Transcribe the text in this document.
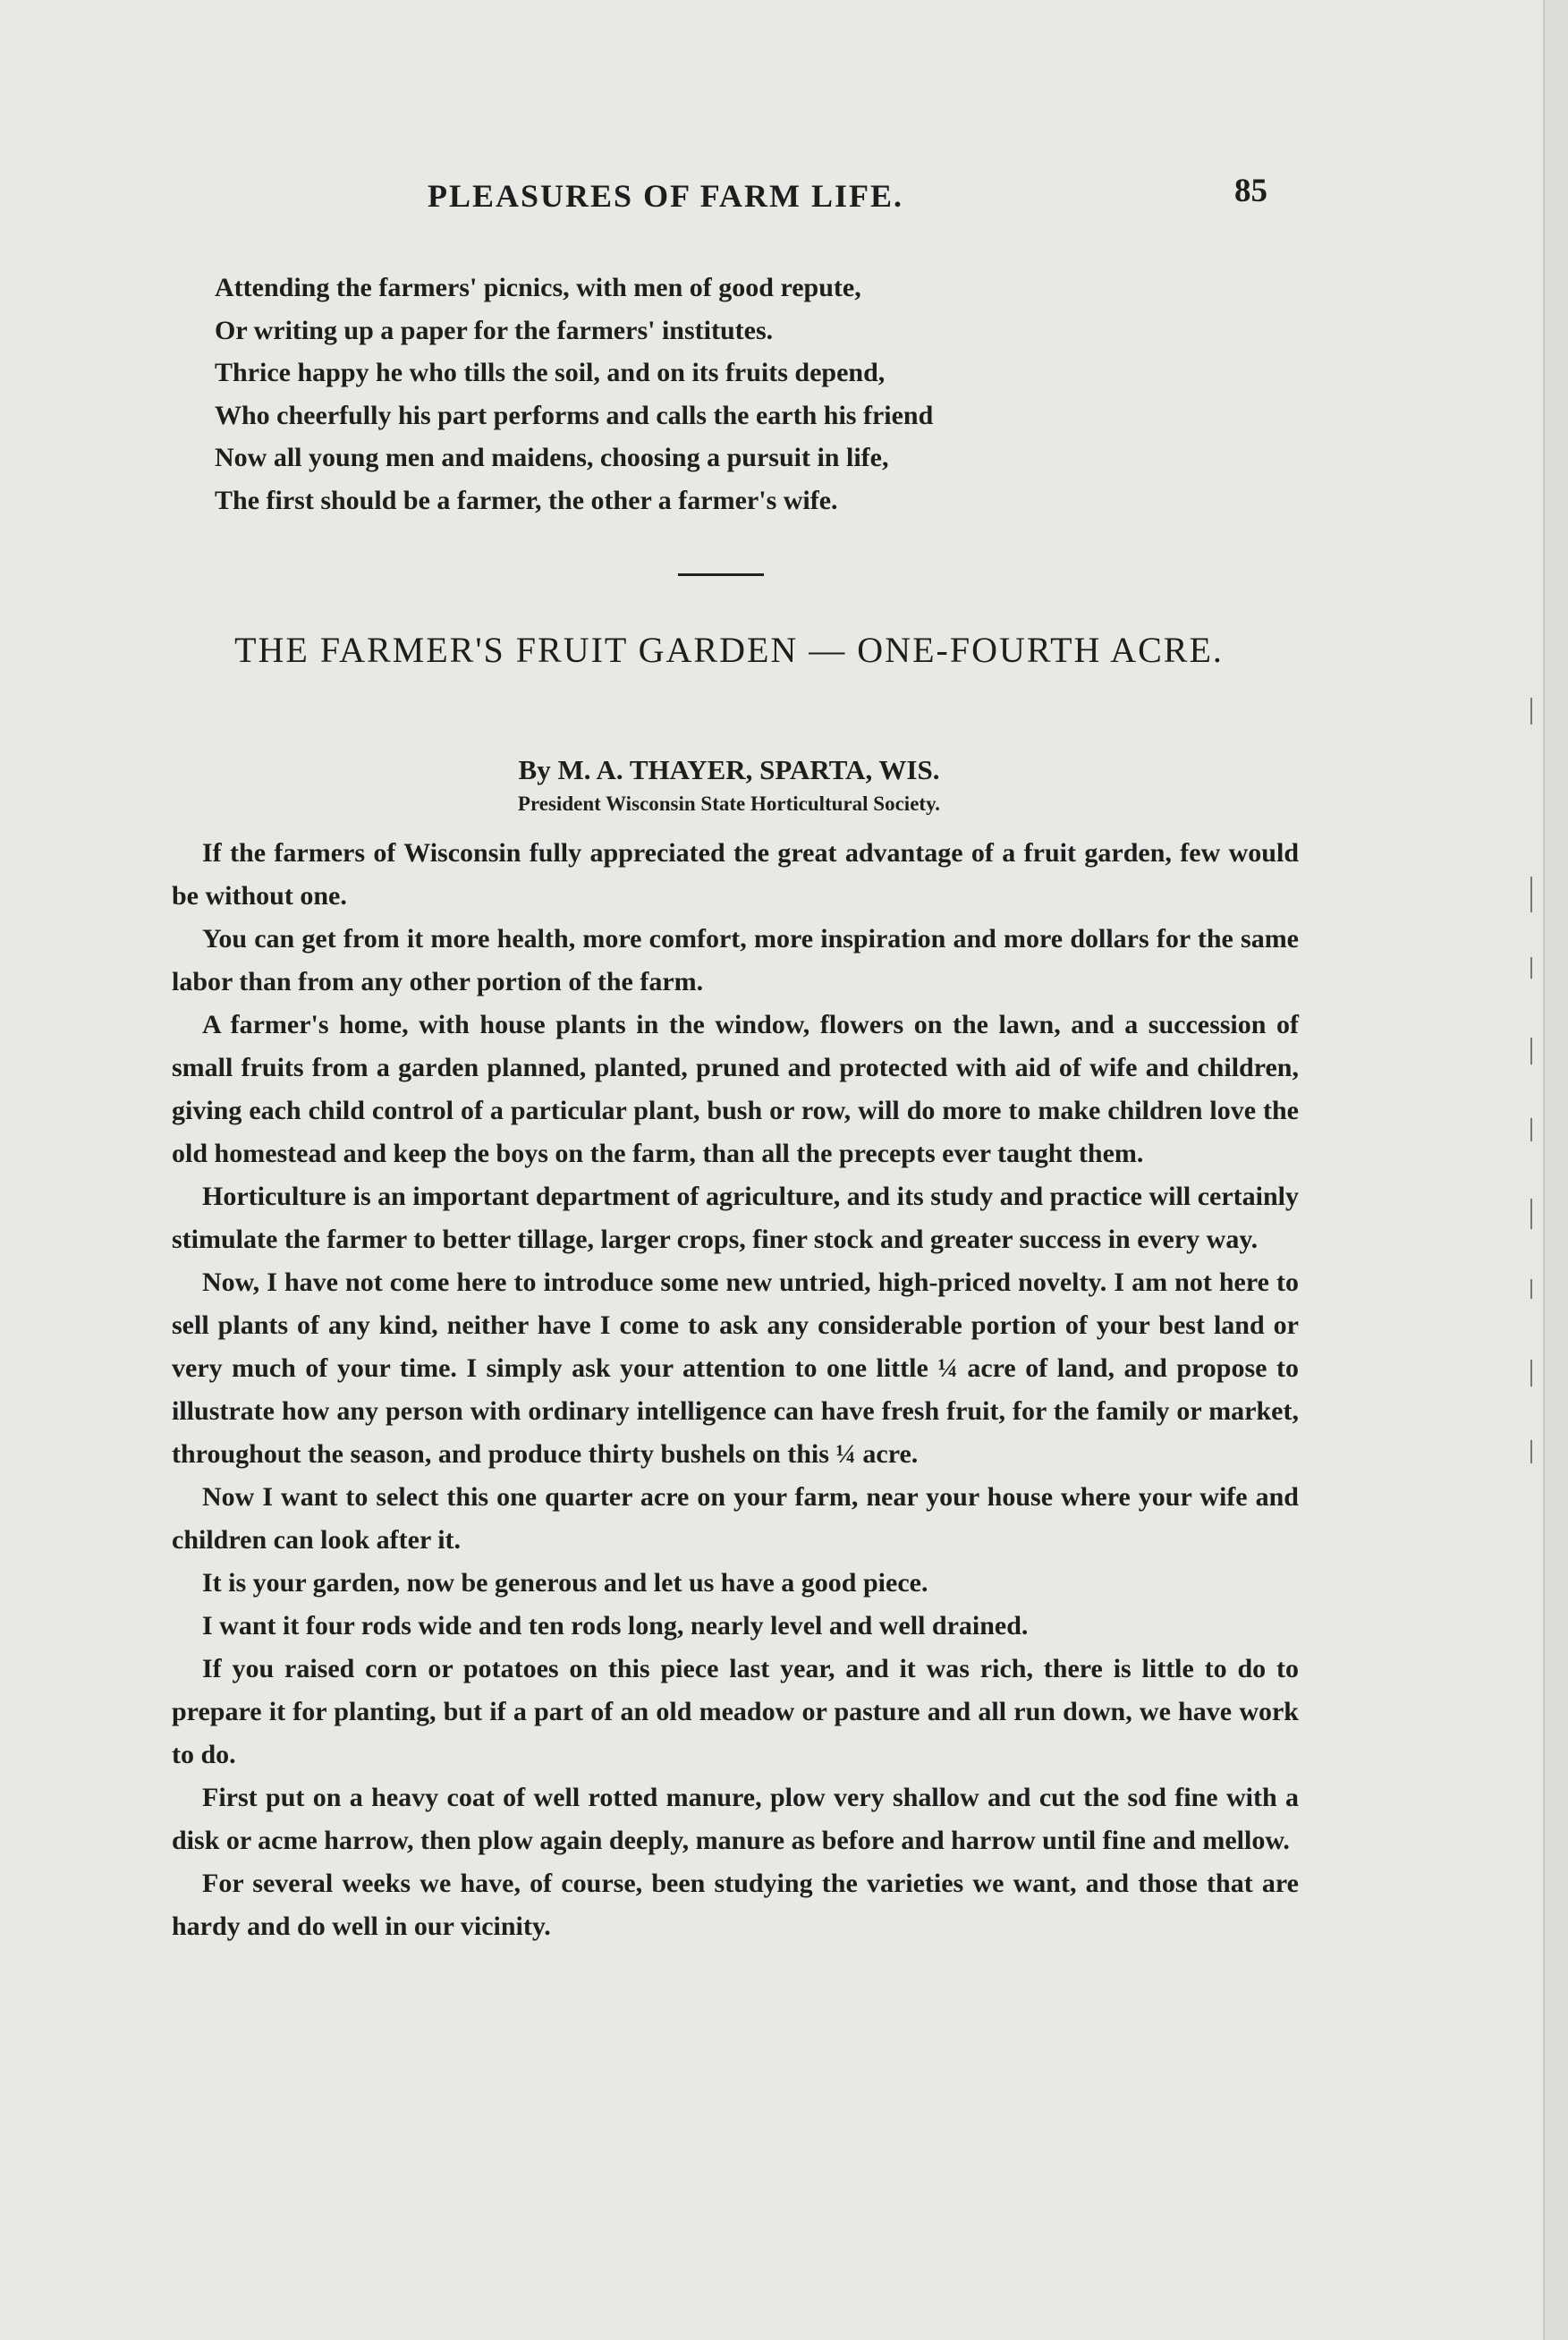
PLEASURES OF FARM LIFE.	85
Attending the farmers' picnics, with men of good repute,
Or writing up a paper for the farmers' institutes.
Thrice happy he who tills the soil, and on its fruits depend,
Who cheerfully his part performs and calls the earth his friend
Now all young men and maidens, choosing a pursuit in life,
The first should be a farmer, the other a farmer's wife.
THE FARMER'S FRUIT GARDEN — ONE-FOURTH ACRE.
By M. A. THAYER, SPARTA, WIS.
President Wisconsin State Horticultural Society.

If the farmers of Wisconsin fully appreciated the great advantage of a fruit garden, few would be without one.

You can get from it more health, more comfort, more inspiration and more dollars for the same labor than from any other portion of the farm.

A farmer's home, with house plants in the window, flowers on the lawn, and a succession of small fruits from a garden planned, planted, pruned and protected with aid of wife and children, giving each child control of a particular plant, bush or row, will do more to make children love the old homestead and keep the boys on the farm, than all the precepts ever taught them.

Horticulture is an important department of agriculture, and its study and practice will certainly stimulate the farmer to better tillage, larger crops, finer stock and greater success in every way.

Now, I have not come here to introduce some new untried, high-priced novelty. I am not here to sell plants of any kind, neither have I come to ask any considerable portion of your best land or very much of your time. I simply ask your attention to one little ¼ acre of land, and propose to illustrate how any person with ordinary intelligence can have fresh fruit, for the family or market, throughout the season, and produce thirty bushels on this ¼ acre.

Now I want to select this one quarter acre on your farm, near your house where your wife and children can look after it.

It is your garden, now be generous and let us have a good piece.

I want it four rods wide and ten rods long, nearly level and well drained.

If you raised corn or potatoes on this piece last year, and it was rich, there is little to do to prepare it for planting, but if a part of an old meadow or pasture and all run down, we have work to do.

First put on a heavy coat of well rotted manure, plow very shallow and cut the sod fine with a disk or acme harrow, then plow again deeply, manure as before and harrow until fine and mellow.

For several weeks we have, of course, been studying the varieties we want, and those that are hardy and do well in our vicinity.
